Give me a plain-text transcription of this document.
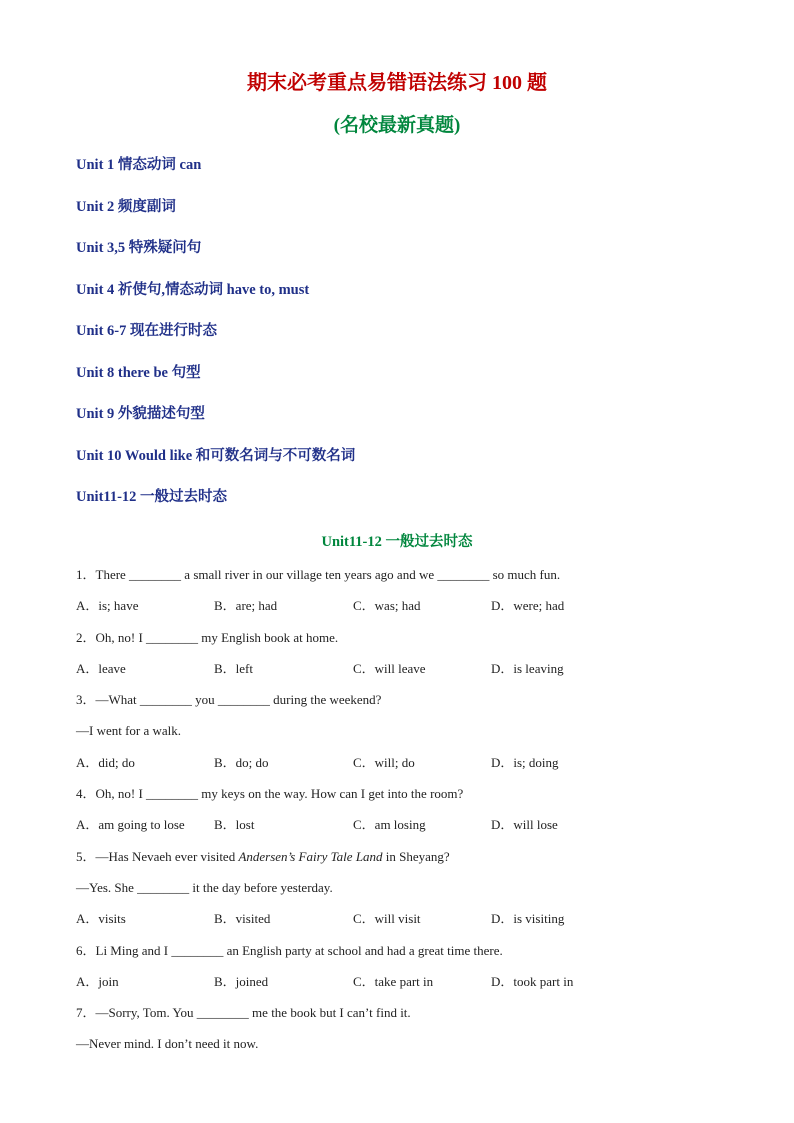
期末必考重点易错语法练习 100 题
(名校最新真题)
Unit 1 情态动词 can
Unit 2 频度副词
Unit 3,5 特殊疑问句
Unit 4 祈使句,情态动词 have to, must
Unit 6-7 现在进行时态
Unit 8 there be 句型
Unit 9 外貌描述句型
Unit 10 Would like 和可数名词与不可数名词
Unit11-12 一般过去时态
Unit11-12 一般过去时态
1．There ________ a small river in our village ten years ago and we ________ so much fun.
A．is; have	B．are; had	C．was; had	D．were; had
2．Oh, no! I ________ my English book at home.
A．leave	B．left	C．will leave	D．is leaving
3．—What ________ you ________ during the weekend?
—I went for a walk.
A．did; do	B．do; do	C．will; do	D．is; doing
4．Oh, no! I ________ my keys on the way. How can I get into the room?
A．am going to lose	B．lost	C．am losing	D．will lose
5．—Has Nevaeh ever visited Andersen’s Fairy Tale Land in Sheyang?
—Yes. She ________ it the day before yesterday.
A．visits	B．visited	C．will visit	D．is visiting
6．Li Ming and I ________ an English party at school and had a great time there.
A．join	B．joined	C．take part in	D．took part in
7．—Sorry, Tom. You ________ me the book but I can’t find it.
—Never mind. I don’t need it now.
